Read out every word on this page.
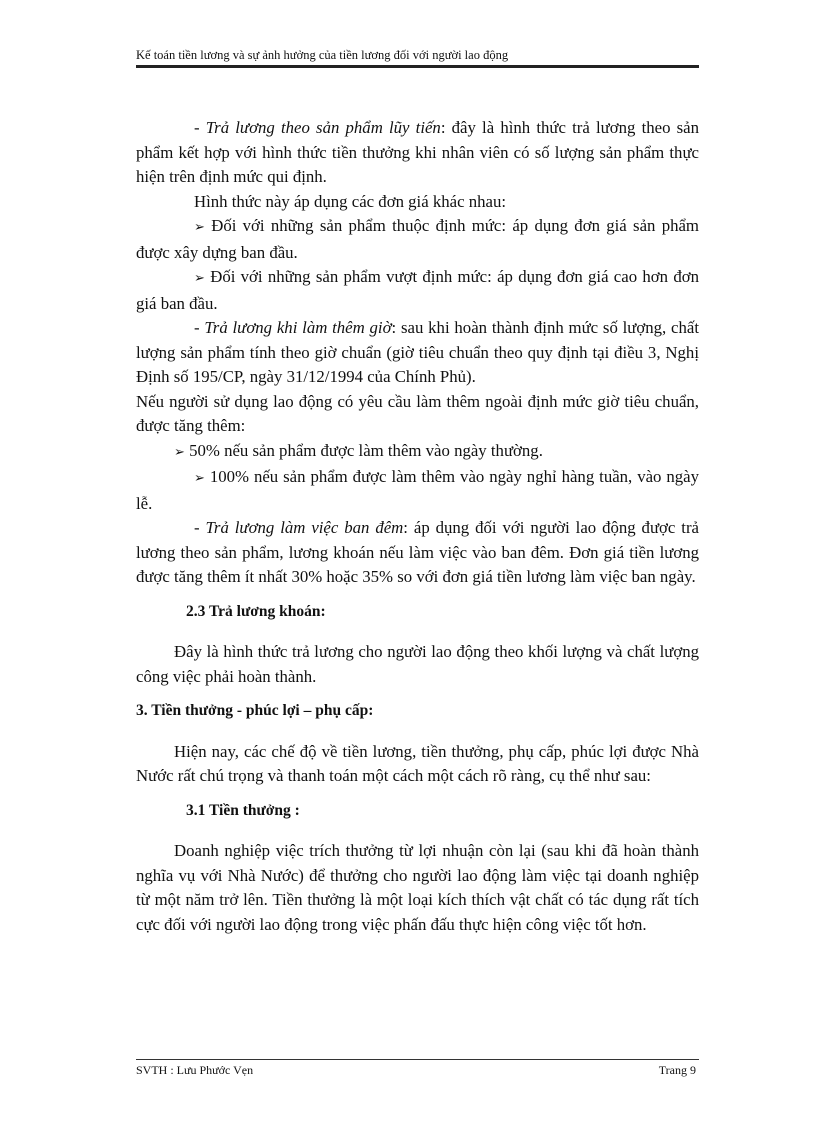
Kế toán tiền lương và sự ảnh hưởng của tiền lương đối với người lao động

- Trả lương theo sản phẩm lũy tiến: đây là hình thức trả lương theo sản phẩm kết hợp với hình thức tiền thưởng khi nhân viên có số lượng sản phẩm thực hiện trên định mức qui định.

Hình thức này áp dụng các đơn giá khác nhau:

➢ Đối với những sản phẩm thuộc định mức: áp dụng đơn giá sản phẩm được xây dựng ban đầu.

➢ Đối với những sản phẩm vượt định mức: áp dụng đơn giá cao hơn đơn giá ban đầu.

- Trả lương khi làm thêm giờ: sau khi hoàn thành định mức số lượng, chất lượng sản phẩm tính theo giờ chuẩn (giờ tiêu chuẩn theo quy định tại điều 3, Nghị Định số 195/CP, ngày 31/12/1994 của Chính Phủ).

Nếu người sử dụng lao động có yêu cầu làm thêm ngoài định mức giờ tiêu chuẩn, được tăng thêm:

➢ 50% nếu sản phẩm được làm thêm vào ngày thường.

➢ 100% nếu sản phẩm được làm thêm vào ngày nghỉ hàng tuần, vào ngày lễ.

- Trả lương làm việc ban đêm: áp dụng đối với người lao động được trả lương theo sản phẩm, lương khoán nếu làm việc vào ban đêm. Đơn giá tiền lương được tăng thêm ít nhất 30% hoặc 35% so với đơn giá tiền lương làm việc ban ngày.

2.3 Trả lương khoán:

Đây là hình thức trả lương cho người lao động theo khối lượng và chất lượng công việc phải hoàn thành.

3. Tiền thưởng - phúc lợi – phụ cấp:

Hiện nay, các chế độ về tiền lương, tiền thưởng, phụ cấp, phúc lợi được Nhà Nước rất chú trọng và thanh toán một cách một cách rõ ràng, cụ thể như sau:

3.1 Tiền thưởng :

Doanh nghiệp việc trích thưởng từ lợi nhuận còn lại (sau khi đã hoàn thành nghĩa vụ với Nhà Nước) để thưởng cho người lao động làm việc tại doanh nghiệp từ một năm trở lên. Tiền thưởng là một loại kích thích vật chất có tác dụng rất tích cực đối với người lao động trong việc phấn đấu thực hiện công việc tốt hơn.

SVTH : Lưu Phước Vẹn	Trang 9
